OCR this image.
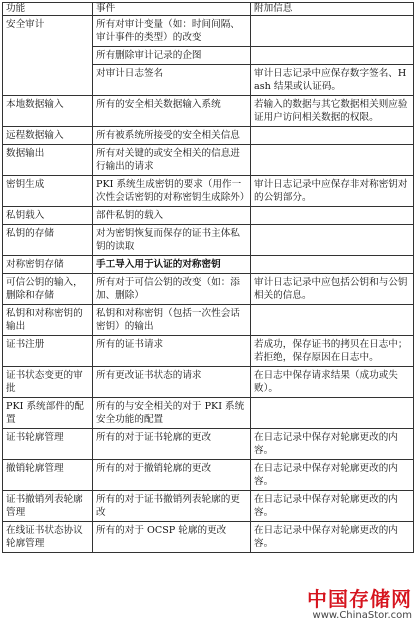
功能	事件	附加信息
安全审计	所有对审计变量（如：时间间隔、审计事件的类型）的改变	
	所有删除审计记录的企图	
	对审计日志签名	审计日志记录中应保存数字签名、Hash 结果或认证码。
本地数据输入	所有的安全相关数据输入系统	若输入的数据与其它数据相关则应验证用户访问相关数据的权限。
远程数据输入	所有被系统所接受的安全相关信息	
数据输出	所有对关键的或安全相关的信息进行输出的请求	
密钥生成	PKI 系统生成密钥的要求（用作一次性会话密钥的对称密钥生成除外）	审计日志记录中应保存非对称密钥对的公钥部分。
私钥载入	部件私钥的载入	
私钥的存储	对为密钥恢复而保存的证书主体私钥的读取	
对称密钥存储	手工导入用于认证的对称密钥	
可信公钥的输入，删除和存储	所有对于可信公钥的改变（如：添加、删除）	审计日志记录中应包括公钥和与公钥相关的信息。
私钥和对称密钥的输出	私钥和对称密钥（包括一次性会话密钥）的输出	
证书注册	所有的证书请求	若成功，保存证书的拷贝在日志中；
若拒绝，保存原因在日志中。
证书状态变更的审批	所有更改证书状态的请求	在日志中保存请求结果（成功或失败）。
PKI 系统部件的配置	所有的与安全相关的对于 PKI 系统安全功能的配置	
证书轮廓管理	所有的对于证书轮廓的更改	在日志记录中保存对轮廓更改的内容。
撤销轮廓管理	所有的对于撤销轮廓的更改	在日志记录中保存对轮廓更改的内容。
证书撤销列表轮廓管理	所有的对于证书撤销列表轮廓的更改	在日志记录中保存对轮廓更改的内容。
在线证书状态协议轮廓管理	所有的对于 OCSP 轮廓的更改	在日志记录中保存对轮廓更改的内容。
中国存储网
www.ChinaStor.com
